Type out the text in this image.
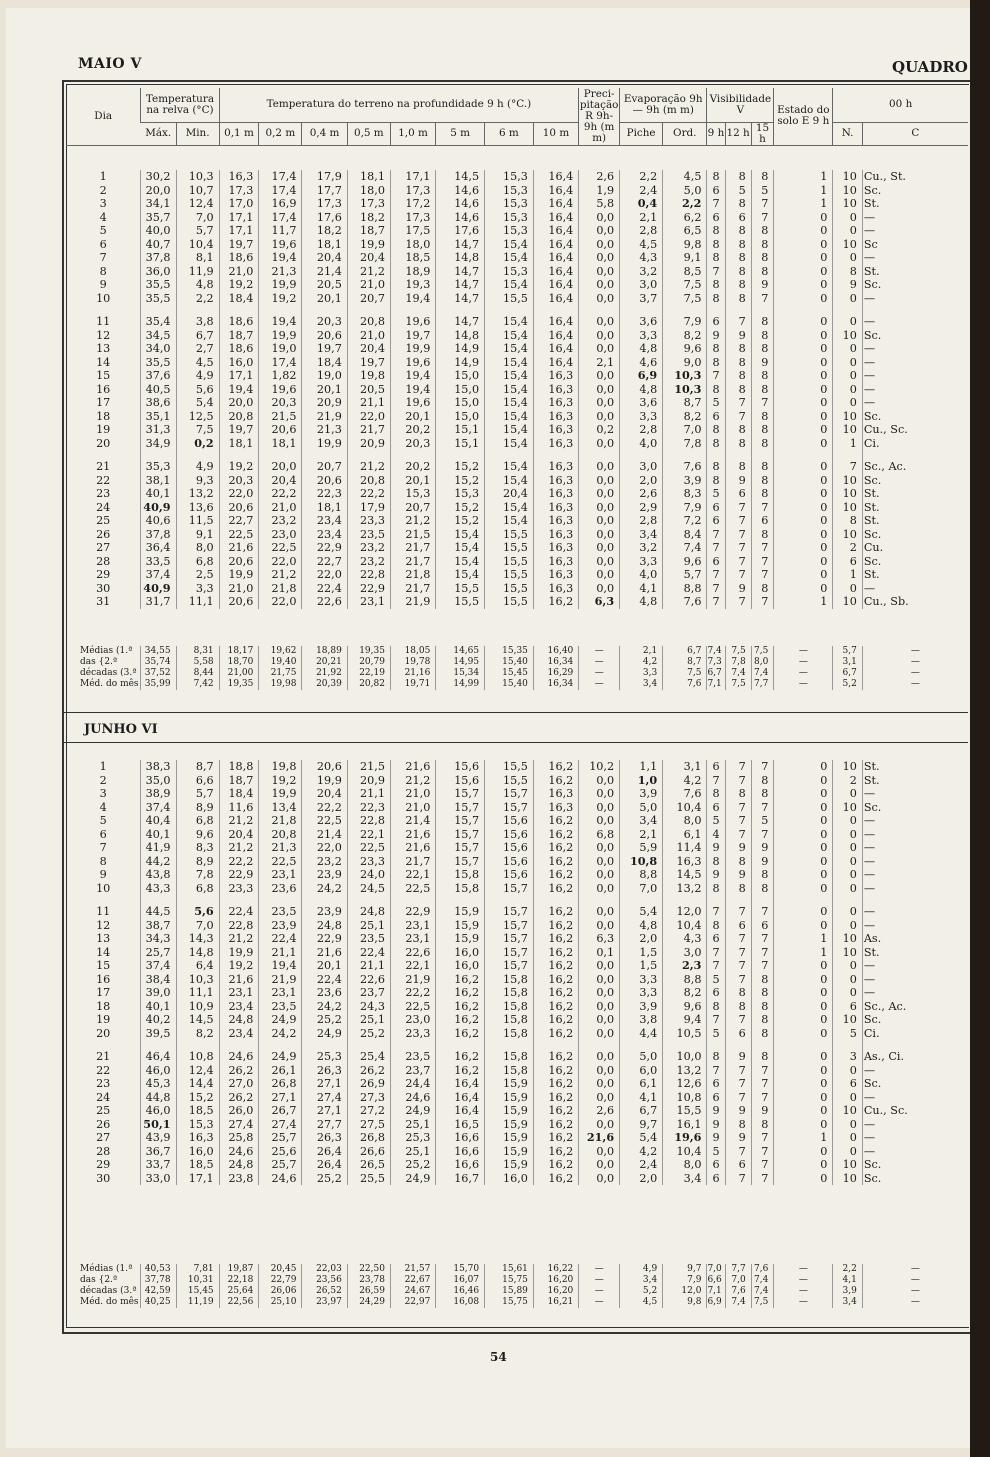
MAIO V	QUADRO
Dia	Temperatura na relva (°C)		Temperatura do terreno na profundidade 9 h (°C.)								Preci-pitação R 9h-9h (m m)	Evaporação 9h — 9h (m m)		Visibilidade V			Estado do solo E 9 h	00 h	
	Máx.	Min.	0,1 m	0,2 m	0,4 m	0,5 m	1,0 m	5 m	6 m	10 m		Piche	Ord.	9 h	12 h	15 h		N.	C
1	30,2	10,3	16,3	17,4	17,9	18,1	17,1	14,5	15,3	16,4	2,6	2,2	4,5	8	8	8	1	10	Cu., St.
2	20,0	10,7	17,3	17,4	17,7	18,0	17,3	14,6	15,3	16,4	1,9	2,4	5,0	6	5	5	1	10	Sc.
3	34,1	12,4	17,0	16,9	17,3	17,3	17,2	14,6	15,3	16,4	5,8	0,4	2,2	7	8	7	1	10	St.
4	35,7	7,0	17,1	17,4	17,6	18,2	17,3	14,6	15,3	16,4	0,0	2,1	6,2	6	6	7	0	0	—
5	40,0	5,7	17,1	11,7	18,2	18,7	17,5	17,6	15,3	16,4	0,0	2,8	6,5	8	8	8	0	0	—
6	40,7	10,4	19,7	19,6	18,1	19,9	18,0	14,7	15,4	16,4	0,0	4,5	9,8	8	8	8	0	10	Sc
7	37,8	8,1	18,6	19,4	20,4	20,4	18,5	14,8	15,4	16,4	0,0	4,3	9,1	8	8	8	0	0	—
8	36,0	11,9	21,0	21,3	21,4	21,2	18,9	14,7	15,3	16,4	0,0	3,2	8,5	7	8	8	0	8	St.
9	35,5	4,8	19,2	19,9	20,5	21,0	19,3	14,7	15,4	16,4	0,0	3,0	7,5	8	8	9	0	9	Sc.
10	35,5	2,2	18,4	19,2	20,1	20,7	19,4	14,7	15,5	16,4	0,0	3,7	7,5	8	8	7	0	0	—

11	35,4	3,8	18,6	19,4	20,3	20,8	19,6	14,7	15,4	16,4	0,0	3,6	7,9	6	7	8	0	0	—
12	34,5	6,7	18,7	19,9	20,6	21,0	19,7	14,8	15,4	16,4	0,0	3,3	8,2	9	9	8	0	10	Sc.
13	34,0	2,7	18,6	19,0	19,7	20,4	19,9	14,9	15,4	16,4	0,0	4,8	9,6	8	8	8	0	0	—
14	35,5	4,5	16,0	17,4	18,4	19,7	19,6	14,9	15,4	16,4	2,1	4,6	9,0	8	8	9	0	0	—
15	37,6	4,9	17,1	1,82	19,0	19,8	19,4	15,0	15,4	16,3	0,0	6,9	10,3	7	8	8	0	0	—
16	40,5	5,6	19,4	19,6	20,1	20,5	19,4	15,0	15,4	16,3	0,0	4,8	10,3	8	8	8	0	0	—
17	38,6	5,4	20,0	20,3	20,9	21,1	19,6	15,0	15,4	16,3	0,0	3,6	8,7	5	7	7	0	0	—
18	35,1	12,5	20,8	21,5	21,9	22,0	20,1	15,0	15,4	16,3	0,0	3,3	8,2	6	7	8	0	10	Sc.
19	31,3	7,5	19,7	20,6	21,3	21,7	20,2	15,1	15,4	16,3	0,2	2,8	7,0	8	8	8	0	10	Cu., Sc.
20	34,9	0,2	18,1	18,1	19,9	20,9	20,3	15,1	15,4	16,3	0,0	4,0	7,8	8	8	8	0	1	Ci.

21	35,3	4,9	19,2	20,0	20,7	21,2	20,2	15,2	15,4	16,3	0,0	3,0	7,6	8	8	8	0	7	Sc., Ac.
22	38,1	9,3	20,3	20,4	20,6	20,8	20,1	15,2	15,4	16,3	0,0	2,0	3,9	8	9	8	0	10	Sc.
23	40,1	13,2	22,0	22,2	22,3	22,2	15,3	15,3	20,4	16,3	0,0	2,6	8,3	5	6	8	0	10	St.
24	40,9	13,6	20,6	21,0	18,1	17,9	20,7	15,2	15,4	16,3	0,0	2,9	7,9	6	7	7	0	10	St.
25	40,6	11,5	22,7	23,2	23,4	23,3	21,2	15,2	15,4	16,3	0,0	2,8	7,2	6	7	6	0	8	St.
26	37,8	9,1	22,5	23,0	23,4	23,5	21,5	15,4	15,5	16,3	0,0	3,4	8,4	7	7	8	0	10	Sc.
27	36,4	8,0	21,6	22,5	22,9	23,2	21,7	15,4	15,5	16,3	0,0	3,2	7,4	7	7	7	0	2	Cu.
28	33,5	6,8	20,6	22,0	22,7	23,2	21,7	15,4	15,5	16,3	0,0	3,3	9,6	6	7	7	0	6	Sc.
29	37,4	2,5	19,9	21,2	22,0	22,8	21,8	15,4	15,5	16,3	0,0	4,0	5,7	7	7	7	0	1	St.
30	40,9	3,3	21,0	21,8	22,4	22,9	21,7	15,5	15,5	16,3	0,0	4,1	8,8	7	9	8	0	0	—
31	31,7	11,1	20,6	22,0	22,6	23,1	21,9	15,5	15,5	16,2	6,3	4,8	7,6	7	7	7	1	10	Cu., Sb.
Médias (1.ª	34,55	8,31	18,17	19,62	18,89	19,35	18,05	14,65	15,35	16,40	—	2,1	6,7	7,4	7,5	7,5	—	5,7	—
das {2.ª	35,74	5,58	18,70	19,40	20,21	20,79	19,78	14,95	15,40	16,34	—	4,2	8,7	7,3	7,8	8,0	—	3,1	—
décadas (3.ª	37,52	8,44	21,00	21,75	21,92	22,19	21,16	15,34	15,45	16,29	—	3,3	7,5	6,7	7,4	7,4	—	6,7	—
Méd. do mês	35,99	7,42	19,35	19,98	20,39	20,82	19,71	14,99	15,40	16,34	—	3,4	7,6	7,1	7,5	7,7	—	5,2	—
JUNHO VI
1	38,3	8,7	18,8	19,8	20,6	21,5	21,6	15,6	15,5	16,2	10,2	1,1	3,1	6	7	7	0	10	St.
2	35,0	6,6	18,7	19,2	19,9	20,9	21,2	15,6	15,5	16,2	0,0	1,0	4,2	7	7	8	0	2	St.
3	38,9	5,7	18,4	19,9	20,4	21,1	21,0	15,7	15,7	16,3	0,0	3,9	7,6	8	8	8	0	0	—
4	37,4	8,9	11,6	13,4	22,2	22,3	21,0	15,7	15,7	16,3	0,0	5,0	10,4	6	7	7	0	10	Sc.
5	40,4	6,8	21,2	21,8	22,5	22,8	21,4	15,7	15,6	16,2	0,0	3,4	8,0	5	7	5	0	0	—
6	40,1	9,6	20,4	20,8	21,4	22,1	21,6	15,7	15,6	16,2	6,8	2,1	6,1	4	7	7	0	0	—
7	41,9	8,3	21,2	21,3	22,0	22,5	21,6	15,7	15,6	16,2	0,0	5,9	11,4	9	9	9	0	0	—
8	44,2	8,9	22,2	22,5	23,2	23,3	21,7	15,7	15,6	16,2	0,0	10,8	16,3	8	8	9	0	0	—
9	43,8	7,8	22,9	23,1	23,9	24,0	22,1	15,8	15,6	16,2	0,0	8,8	14,5	9	9	8	0	0	—
10	43,3	6,8	23,3	23,6	24,2	24,5	22,5	15,8	15,7	16,2	0,0	7,0	13,2	8	8	8	0	0	—

11	44,5	5,6	22,4	23,5	23,9	24,8	22,9	15,9	15,7	16,2	0,0	5,4	12,0	7	7	7	0	0	—
12	38,7	7,0	22,8	23,9	24,8	25,1	23,1	15,9	15,7	16,2	0,0	4,8	10,4	8	6	6	0	0	—
13	34,3	14,3	21,2	22,4	22,9	23,5	23,1	15,9	15,7	16,2	6,3	2,0	4,3	6	7	7	1	10	As.
14	25,7	14,8	19,9	21,1	21,6	22,4	22,6	16,0	15,7	16,2	0,1	1,5	3,0	7	7	7	1	10	St.
15	37,4	6,4	19,2	19,4	20,1	21,1	22,1	16,0	15,7	16,2	0,0	1,5	2,3	7	7	7	0	0	—
16	38,4	10,3	21,6	21,9	22,4	22,6	21,9	16,2	15,8	16,2	0,0	3,3	8,8	5	7	8	0	0	—
17	39,0	11,1	23,1	23,1	23,6	23,7	22,2	16,2	15,8	16,2	0,0	3,3	8,2	6	8	8	0	0	—
18	40,1	10,9	23,4	23,5	24,2	24,3	22,5	16,2	15,8	16,2	0,0	3,9	9,6	8	8	8	0	6	Sc., Ac.
19	40,2	14,5	24,8	24,9	25,2	25,1	23,0	16,2	15,8	16,2	0,0	3,8	9,4	7	7	8	0	10	Sc.
20	39,5	8,2	23,4	24,2	24,9	25,2	23,3	16,2	15,8	16,2	0,0	4,4	10,5	5	6	8	0	5	Ci.

21	46,4	10,8	24,6	24,9	25,3	25,4	23,5	16,2	15,8	16,2	0,0	5,0	10,0	8	9	8	0	3	As., Ci.
22	46,0	12,4	26,2	26,1	26,3	26,2	23,7	16,2	15,8	16,2	0,0	6,0	13,2	7	7	7	0	0	—
23	45,3	14,4	27,0	26,8	27,1	26,9	24,4	16,4	15,9	16,2	0,0	6,1	12,6	6	7	7	0	6	Sc.
24	44,8	15,2	26,2	27,1	27,4	27,3	24,6	16,4	15,9	16,2	0,0	4,1	10,8	6	7	7	0	0	—
25	46,0	18,5	26,0	26,7	27,1	27,2	24,9	16,4	15,9	16,2	2,6	6,7	15,5	9	9	9	0	10	Cu., Sc.
26	50,1	15,3	27,4	27,4	27,7	27,5	25,1	16,5	15,9	16,2	0,0	9,7	16,1	9	8	8	0	0	—
27	43,9	16,3	25,8	25,7	26,3	26,8	25,3	16,6	15,9	16,2	21,6	5,4	19,6	9	9	7	1	0	—
28	36,7	16,0	24,6	25,6	26,4	26,6	25,1	16,6	15,9	16,2	0,0	4,2	10,4	5	7	7	0	0	—
29	33,7	18,5	24,8	25,7	26,4	26,5	25,2	16,6	15,9	16,2	0,0	2,4	8,0	6	6	7	0	10	Sc.
30	33,0	17,1	23,8	24,6	25,2	25,5	24,9	16,7	16,0	16,2	0,0	2,0	3,4	6	7	7	0	10	Sc.
Médias (1.ª	40,53	7,81	19,87	20,45	22,03	22,50	21,57	15,70	15,61	16,22	—	4,9	9,7	7,0	7,7	7,6	—	2,2	—
das {2.ª	37,78	10,31	22,18	22,79	23,56	23,78	22,67	16,07	15,75	16,20	—	3,4	7,9	6,6	7,0	7,4	—	4,1	—
décadas (3.ª	42,59	15,45	25,64	26,06	26,52	26,59	24,67	16,46	15,89	16,20	—	5,2	12,0	7,1	7,6	7,4	—	3,9	—
Méd. do mês	40,25	11,19	22,56	25,10	23,97	24,29	22,97	16,08	15,75	16,21	—	4,5	9,8	6,9	7,4	7,5	—	3,4	—
54
